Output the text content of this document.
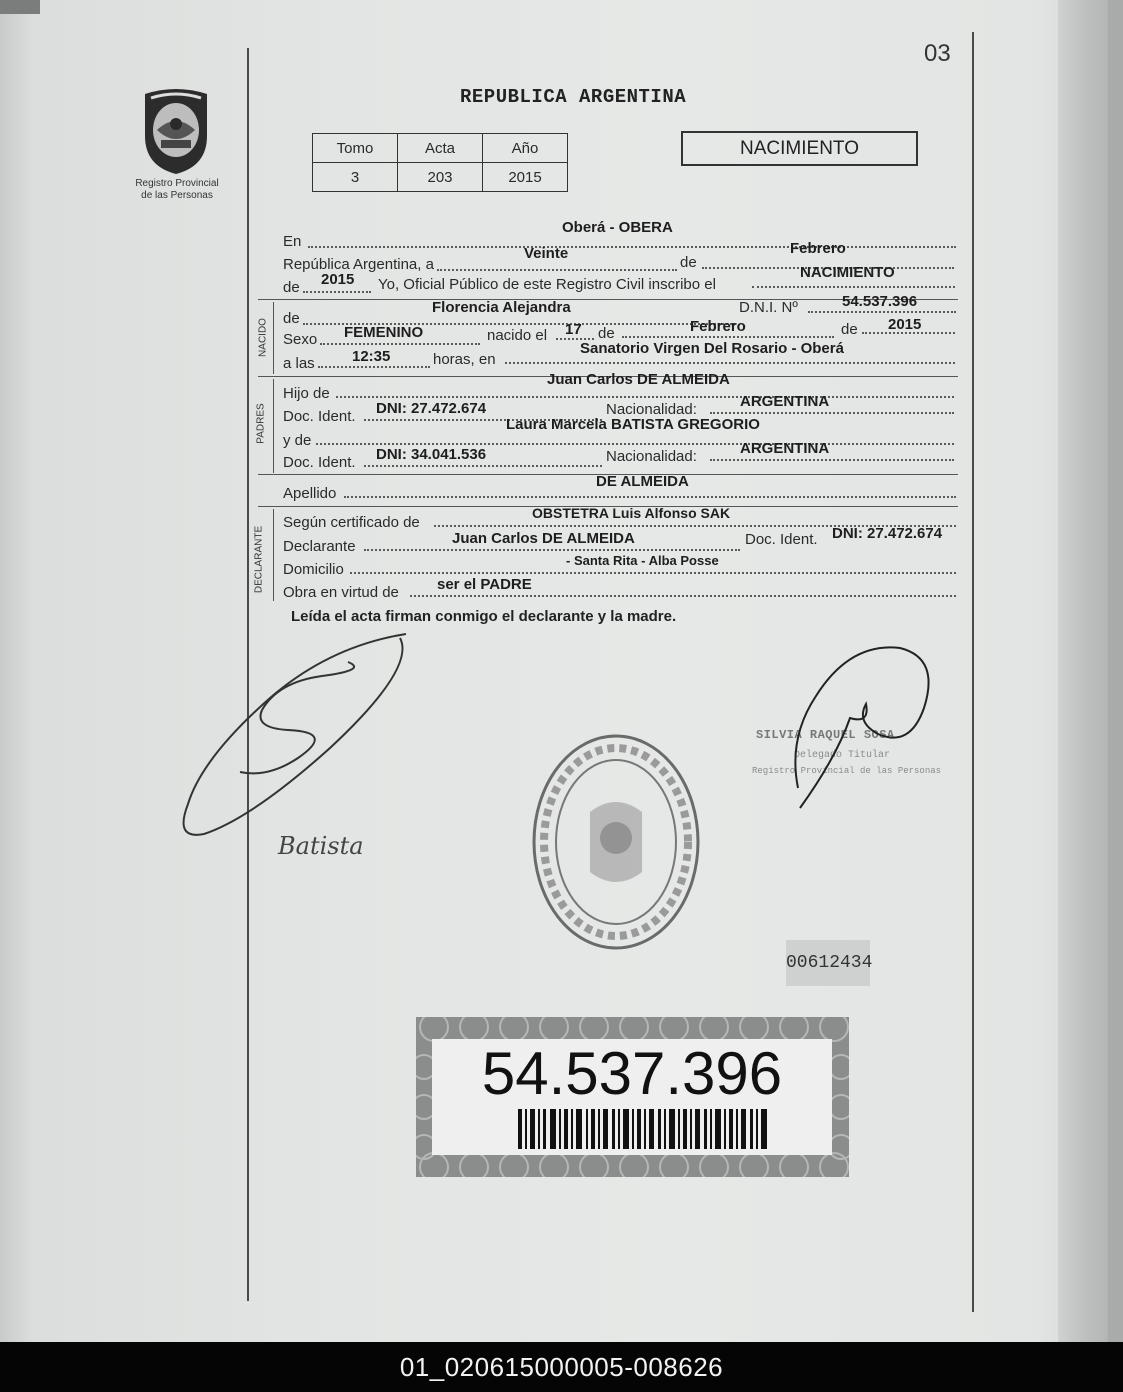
03
Registro Provincial
de las Personas
REPUBLICA ARGENTINA
Tomo	Acta	Año
3	203	2015
NACIMIENTO
En
Oberá - OBERA
República Argentina, a
Veinte
de
Febrero
de 2015 Yo, Oficial Público de este Registro Civil inscribo el
NACIMIENTO
NACIDO de
Florencia Alejandra	D.N.I. Nº	54.537.396
Sexo FEMENINO	nacido el 17 de	Febrero	de 2015
a las 12:35	horas, en
Sanatorio Virgen Del Rosario - Oberá
PADRES
Hijo de
Juan Carlos DE ALMEIDA
Doc. Ident. DNI: 27.472.674	Nacionalidad:	ARGENTINA
y de
Laura Marcela BATISTA GREGORIO
Doc. Ident. DNI: 34.041.536	Nacionalidad:	ARGENTINA
Apellido
DE ALMEIDA
DECLARANTE
Según certificado de
OBSTETRA Luis Alfonso SAK
Declarante	Juan Carlos DE ALMEIDA	Doc. Ident. DNI: 27.472.674
Domicilio
- Santa Rita - Alba Posse
Obra en virtud de	ser el PADRE
Leída el acta firman conmigo el declarante y la madre.
Batista
SILVIA RAQUEL SOSA
Delegado Titular
Registro Provincial de las Personas
00612434
54.537.396
01_020615000005-008626
